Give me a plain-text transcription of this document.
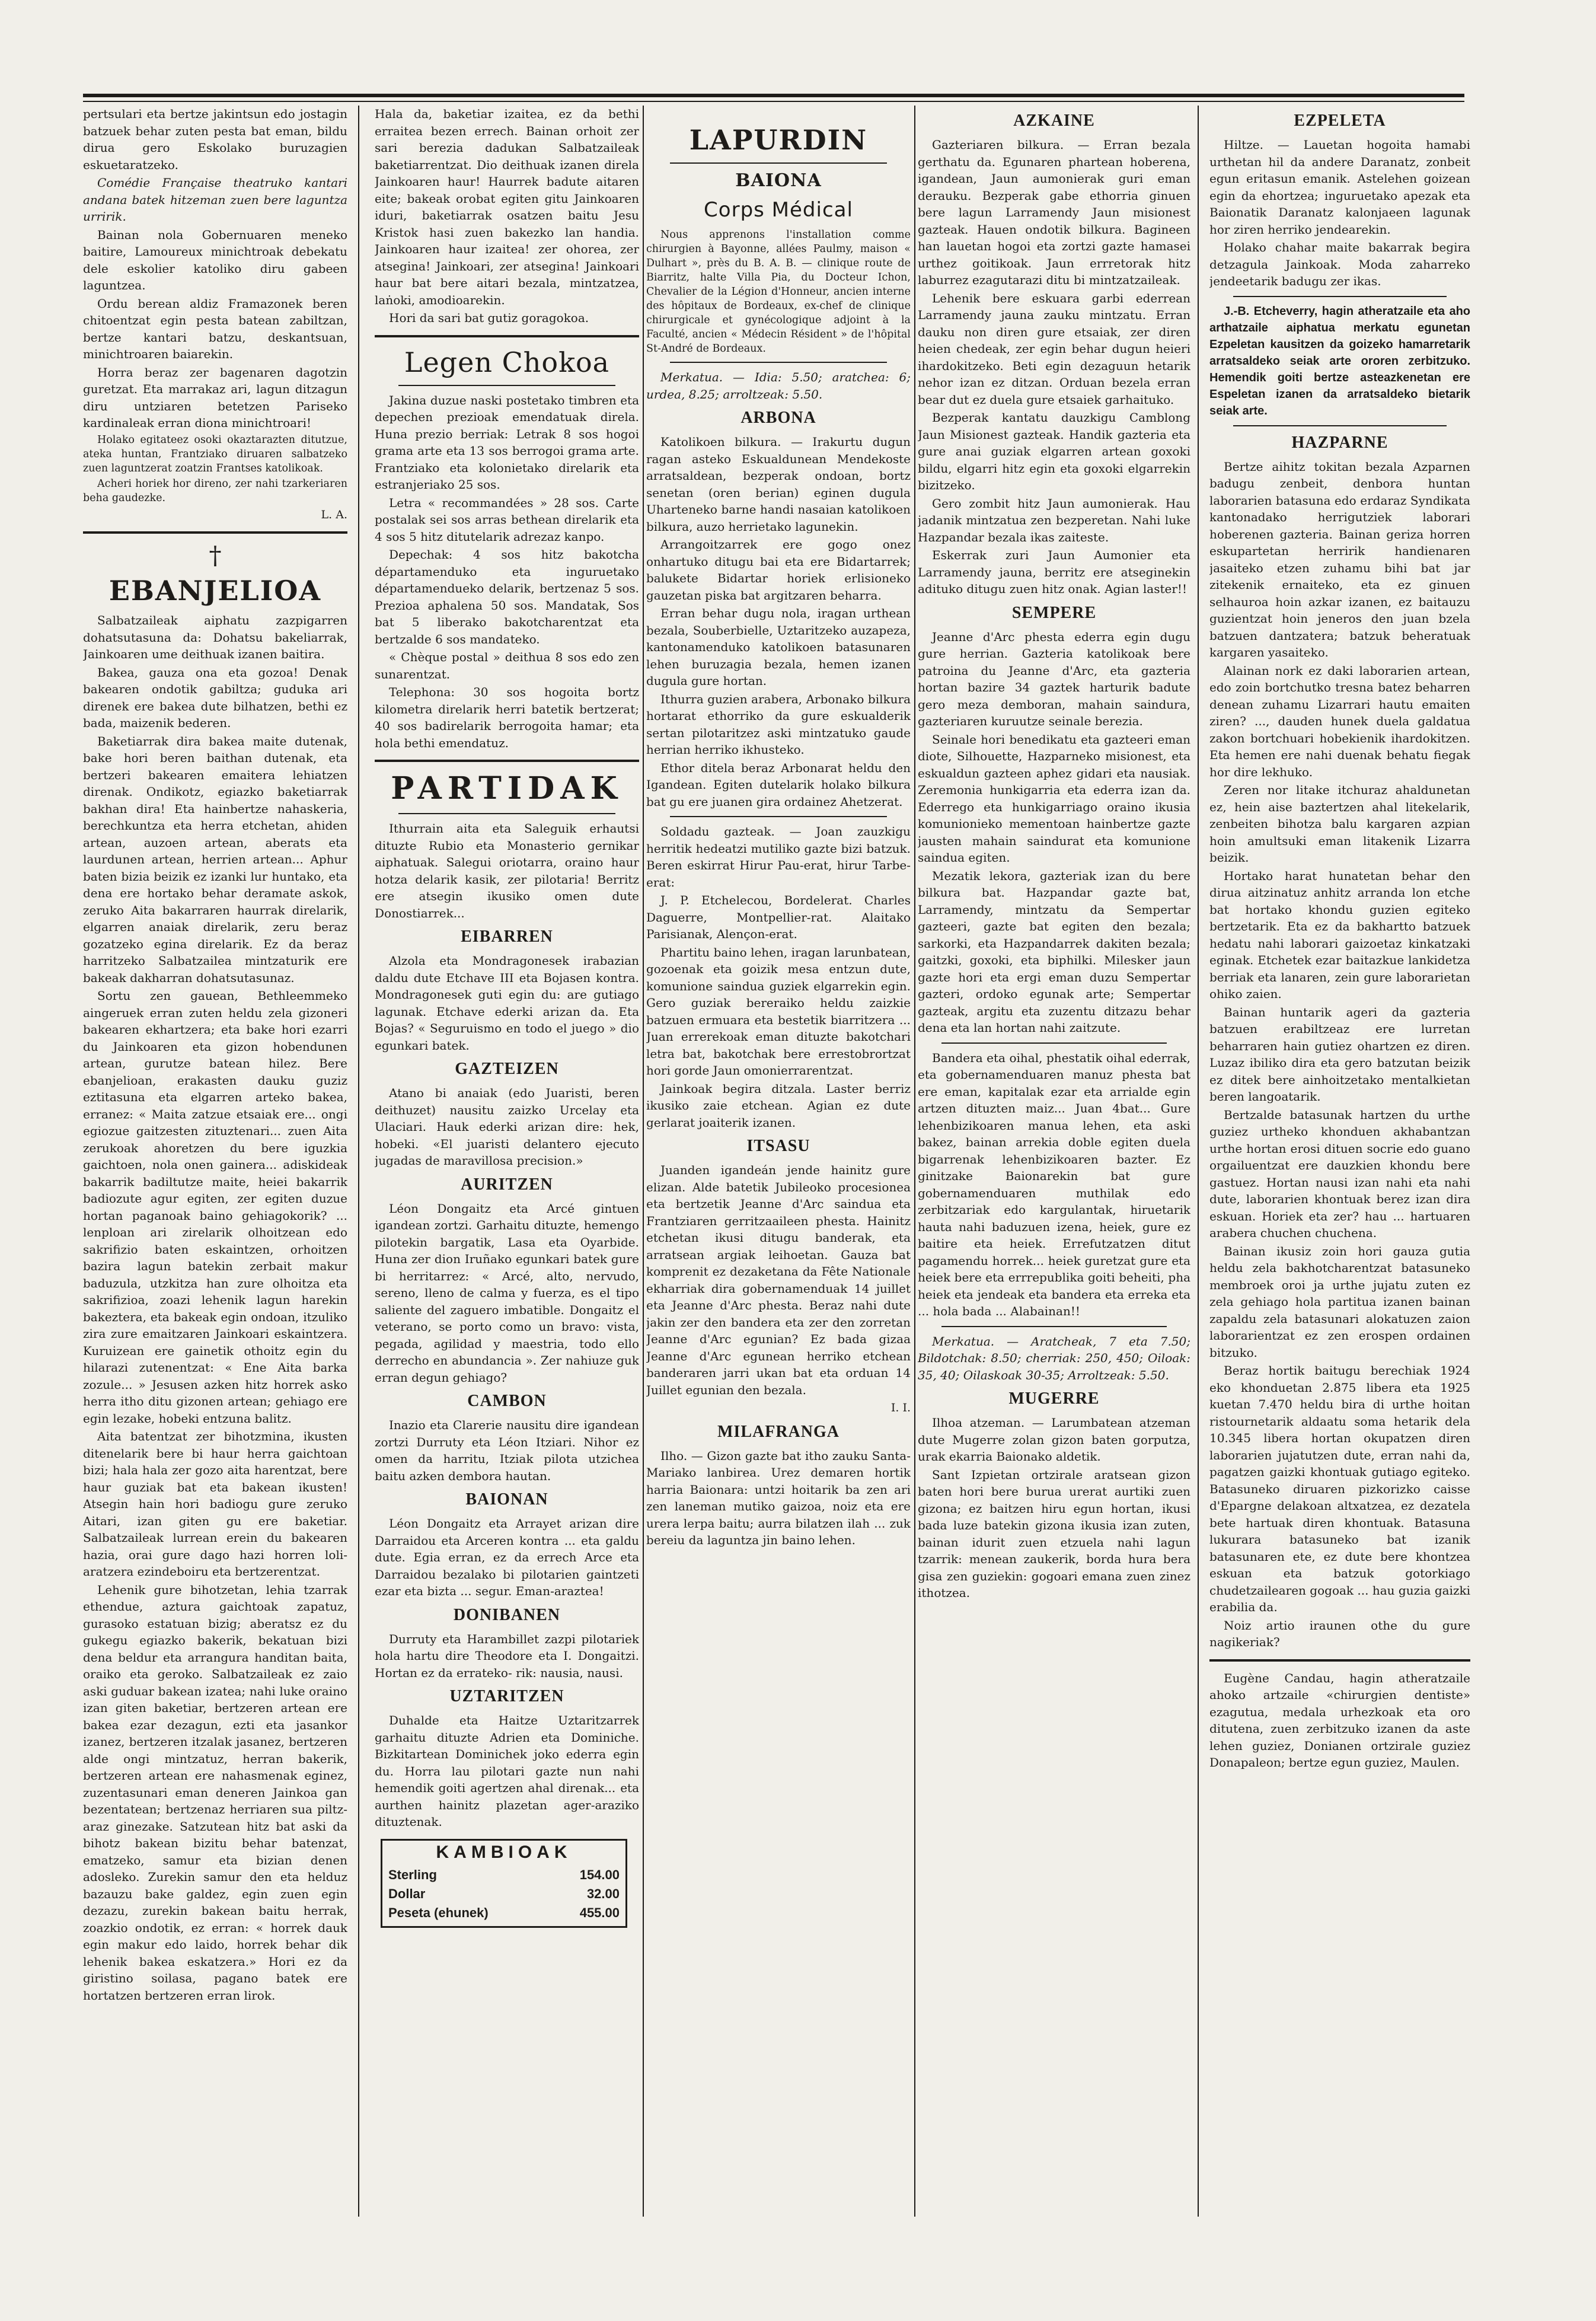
pertsulari eta bertze jakintsun edo jostagin batzuek behar zuten pesta bat eman, bildu dirua gero Eskolako buruzagien eskuetaratzeko.

Comédie Française theatruko kantari andana batek hitzeman zuen bere laguntza urririk.

Bainan nola Gobernuaren meneko baitire, Lamoureux minichtroak debekatu dele eskolier katoliko diru gabeen laguntzea.

Ordu berean aldiz Framazonek beren chitoentzat egin pesta batean zabiltzan, bertze kantari batzu, deskantsuan, minichtroaren baiarekin.

Horra beraz zer bagenaren dagotzin guretzat. Eta marrakaz ari, lagun ditzagun diru untziaren betetzen Pariseko kardinaleak erran diona minichtroari!

Holako egitateez osoki okaztarazten ditutzue, ateka huntan, Frantziako diruaren salbatzeko zuen laguntzerat zoatzin Frantses katolikoak.

Acheri horiek hor direno, zer nahi tzarkeriaren beha gaudezke.

L. A.
†
EBANJELIOA

Salbatzaileak aiphatu zazpigarren dohatsutasuna da: Dohatsu bakeliarrak, Jainkoaren ume deithuak izanen baitira.

Bakea, gauza ona eta gozoa! Denak bakearen ondotik gabiltza; guduka ari direnek ere bakea dute bilhatzen, bethi ez bada, maizenik bederen.

Baketiarrak dira bakea maite dutenak, bake hori beren baithan dutenak, eta bertzeri bakearen emaitera lehiatzen direnak. Ondikotz, egiazko baketiarrak bakhan dira! Eta hainbertze nahaskeria, berechkuntza eta herra etchetan, ahiden artean, auzoen artean, aberats eta laurdunen artean, herrien artean... Aphur baten bizia beizik ez izanki lur huntako, eta dena ere hortako behar deramate askok, zeruko Aita bakarraren haurrak direlarik, elgarren anaiak direlarik, zeru beraz gozatzeko egina direlarik. Ez da beraz harritzeko Salbatzailea mintzaturik ere bakeak dakharran dohatsutasunaz.

Sortu zen gauean, Bethleemmeko aingeruek erran zuten heldu zela gizoneri bakearen ekhartzera; eta bake hori ezarri du Jainkoaren eta gizon hobendunen artean, gurutze batean hilez. Bere ebanjelioan, erakasten dauku guziz eztitasuna eta elgarren arteko bakea, erranez: « Maita zatzue etsaiak ere... ongi egiozue gaitzesten zituztenari... zuen Aita zerukoak ahoretzen du bere iguzkia gaichtoen, nola onen gainera... adiskideak bakarrik badiltutze maite, heiei bakarrik badiozute agur egiten, zer egiten duzue hortan paganoak baino gehiagokorik? ... lenploan ari zirelarik olhoitzean edo sakrifizio baten eskaintzen, orhoitzen bazira lagun batekin zerbait makur baduzula, utzkitza han zure olhoitza eta sakrifizioa, zoazi lehenik lagun harekin bakeztera, eta bakeak egin ondoan, itzuliko zira zure emaitzaren Jainkoari eskaintzera. Kuruizean ere gainetik othoitz egin du hilarazi zutenentzat: « Ene Aita barka zozule... » Jesusen azken hitz horrek asko herra itho ditu gizonen artean; gehiago ere egin lezake, hobeki entzuna balitz.

Aita batentzat zer bihotzmina, ikusten ditenelarik bere bi haur herra gaichtoan bizi; hala hala zer gozo aita harentzat, bere haur guziak bat eta bakean ikusten! Atsegin hain hori badiogu gure zeruko Aitari, izan giten gu ere baketiar. Salbatzaileak lurrean erein du bakearen hazia, orai gure dago hazi horren loli-aratzera ezindeboiru eta bertzerentzat.

Lehenik gure bihotzetan, lehia tzarrak ethendue, aztura gaichtoak zapatuz, gurasoko estatuan bizig; aberatsz ez du gukegu egiazko bakerik, bekatuan bizi dena beldur eta arrangura handitan baita, oraiko eta geroko. Salbatzaileak ez zaio aski guduar bakean izatea; nahi luke oraino izan giten baketiar, bertzeren artean ere bakea ezar dezagun, ezti eta jasankor izanez, bertzeren itzalak jasanez, bertzeren alde ongi mintzatuz, herran bakerik, bertzeren artean ere nahasmenak eginez, zuzentasunari eman deneren Jainkoa gan bezentatean; bertzenaz herriaren sua piltz-araz ginezake. Satzutean hitz bat aski da bihotz bakean bizitu behar batenzat, ematzeko, samur eta bizian denen adosleko. Zurekin samur den eta helduz bazauzu bake galdez, egin zuen egin dezazu, zurekin bakean baitu herrak, zoazkio ondotik, ez erran: « horrek dauk egin makur edo laido, horrek behar dik lehenik bakea eskatzera.» Hori ez da giristino soilasa, pagano batek ere hortatzen bertzeren erran lirok.

Hala da, baketiar izaitea, ez da bethi erraitea bezen errech. Bainan orhoit zer sari berezia dadukan Salbatzaileak baketiarrentzat. Dio deithuak izanen direla Jainkoaren haur! Haurrek badute aitaren eite; bakeak orobat egiten gitu Jainkoaren iduri, baketiarrak osatzen baitu Jesu Kristok hasi zuen bakezko lan handia. Jainkoaren haur izaitea! zer ohorea, zer atsegina! Jainkoari, zer atsegina! Jainkoari haur bat bere aitari bezala, mintzatzea, laṅoki, amodioarekin.

Hori da sari bat gutiz goragokoa.

Legen Chokoa

Jakina duzue naski postetako timbren eta depechen prezioak emendatuak direla. Huna prezio berriak: Letrak 8 sos hogoi grama arte eta 13 sos berrogoi grama arte. Frantziako eta kolonietako direlarik eta estranjeriako 25 sos.

Letra « recommandées » 28 sos. Carte postalak sei sos arras bethean direlarik eta 4 sos 5 hitz ditutelarik adrezaz kanpo.

Depechak: 4 sos hitz bakotcha départamenduko eta inguruetako départamendueko delarik, bertzenaz 5 sos. Prezioa aphalena 50 sos. Mandatak, Sos bat 5 liberako bakotcharentzat eta bertzalde 6 sos mandateko.

« Chèque postal » deithua 8 sos edo zen sunarentzat.

Telephona: 30 sos hogoita bortz kilometra direlarik herri batetik bertzerat; 40 sos badirelarik berrogoita hamar; eta hola bethi emendatuz.

PARTIDAK

Ithurrain aita eta Saleguik erhautsi dituzte Rubio eta Monasterio gernikar aiphatuak. Salegui oriotarra, oraino haur hotza delarik kasik, zer pilotaria! Berritz ere atsegin ikusiko omen dute Donostiarrek...

EIBARREN

Alzola eta Mondragonesek irabazian daldu dute Etchave III eta Bojasen kontra. Mondragonesek guti egin du: are gutiago lagunak. Etchave ederki arizan da. Eta Bojas? « Seguruismo en todo el juego » dio egunkari batek.

GAZTEIZEN

Atano bi anaiak (edo Juaristi, beren deithuzet) nausitu zaizko Urcelay eta Ulaciari. Hauk ederki arizan dire: hek, hobeki. «El juaristi delantero ejecuto jugadas de maravillosa precision.»

AURITZEN

Léon Dongaitz eta Arcé gintuen igandean zortzi. Garhaitu dituzte, hemengo pilotekin bargatik, Lasa eta Oyarbide. Huna zer dion Iruñako egunkari batek gure bi herritarrez: « Arcé, alto, nervudo, sereno, lleno de calma y fuerza, es el tipo saliente del zaguero imbatible. Dongaitz el veterano, se porto como un bravo: vista, pegada, agilidad y maestria, todo ello derrecho en abundancia ». Zer nahiuze guk erran degun gehiago?

CAMBON

Inazio eta Clarerie nausitu dire igandean zortzi Durruty eta Léon Itziari. Nihor ez omen da harritu, Itziak pilota utzichea baitu azken dembora hautan.

BAIONAN

Léon Dongaitz eta Arrayet arizan dire Darraidou eta Arceren kontra ... eta galdu dute. Egia erran, ez da errech Arce eta Darraidou bezalako bi pilotarien gaintzeti ezar eta bizta ... segur. Eman-araztea!

DONIBANEN

Durruty eta Harambillet zazpi pilotariek hola hartu dire Theodore eta I. Dongaitzi. Hortan ez da errateko- rik: nausia, nausi.

UZTARITZEN

Duhalde eta Haitze Uztaritzarrek garhaitu dituzte Adrien eta Dominiche. Bizkitartean Dominichek joko ederra egin du. Horra lau pilotari gazte nun nahi hemendik goiti agertzen ahal direnak... eta aurthen hainitz plazetan ager-araziko dituztenak.

KAMBIOAK
Sterling	154.00
Dollar	32.00
Peseta (ehunek)	455.00
LAPURDIN
BAIONA
Corps Médical

Nous apprenons l'installation comme chirurgien à Bayonne, allées Paulmy, maison « Dulhart », près du B. A. B. — clinique route de Biarritz, halte Villa Pia, du Docteur Ichon, Chevalier de la Légion d'Honneur, ancien interne des hôpitaux de Bordeaux, ex-chef de clinique chirurgicale et gynécologique adjoint à la Faculté, ancien « Médecin Résident » de l'hôpital St-André de Bordeaux.

Merkatua. — Idia: 5.50; aratchea: 6; urdea, 8.25; arroltzeak: 5.50.

ARBONA

Katolikoen bilkura. — Irakurtu dugun ragan asteko Eskualdunean Mendekoste arratsaldean, bezperak ondoan, bortz senetan (oren berian) eginen dugula Uharteneko barne handi nasaian katolikoen bilkura, auzo herrietako lagunekin.

Arrangoitzarrek ere gogo onez onhartuko ditugu bai eta ere Bidartarrek; balukete Bidartar horiek erlisioneko gauzetan piska bat argitzaren beharra.

Erran behar dugu nola, iragan urthean bezala, Souberbielle, Uztaritzeko auzapeza, kantonamenduko katolikoen batasunaren lehen buruzagia bezala, hemen izanen dugula gure hortan.

Ithurra guzien arabera, Arbonako bilkura hortarat ethorriko da gure eskualderik sertan pilotaritzez aski mintzatuko gaude herrian herriko ikhusteko.

Ethor ditela beraz Arbonarat heldu den Igandean. Egiten dutelarik holako bilkura bat gu ere juanen gira ordainez Ahetzerat.

Soldadu gazteak. — Joan zauzkigu herritik hedeatzi mutiliko gazte bizi batzuk. Beren eskirrat Hirur Pau-erat, hirur Tarbe-erat:

J. P. Etchelecou, Bordelerat. Charles Daguerre, Montpellier-rat. Alaitako Parisianak, Alençon-erat.

Phartitu baino lehen, iragan larunbatean, gozoenak eta goizik mesa entzun dute, komunione saindua guziek elgarrekin egin. Gero guziak bereraiko heldu zaizkie batzuen ermuara eta bestetik biarritzera ... Juan errerekoak eman dituzte bakotchari letra bat, bakotchak bere errestobrortzat hori gorde Jaun omonierrarentzat.

Jainkoak begira ditzala. Laster berriz ikusiko zaie etchean. Agian ez dute gerlarat joaiterik izanen.

ITSASU

Juanden igandeán jende hainitz gure elizan. Alde batetik Jubileoko procesionea eta bertzetik Jeanne d'Arc saindua eta Frantziaren gerritzaaileen phesta. Hainitz etchetan ikusi ditugu banderak, eta arratsean argiak leihoetan. Gauza bat komprenit ez dezaketana da Fête Nationale ekharriak dira gobernamenduak 14 juillet eta Jeanne d'Arc phesta. Beraz nahi dute jakin zer den bandera eta zer den zorretan Jeanne d'Arc egunian? Ez bada gizaa Jeanne d'Arc egunean herriko etchean banderaren jarri ukan bat eta orduan 14 Juillet egunian den bezala.

I. I.
MILAFRANGA

Ilho. — Gizon gazte bat itho zauku Santa-Mariako lanbirea. Urez demaren hortik harria Baionara: untzi hoitarik ba zen ari zen laneman mutiko gaizoa, noiz eta ere urera lerpa baitu; aurra bilatzen ilah ... zuk bereiu da laguntza jin baino lehen.

AZKAINE

Gazteriaren bilkura. — Erran bezala gerthatu da. Egunaren phartean hoberena, igandean, Jaun aumonierak guri eman derauku. Bezperak gabe ethorria ginuen bere lagun Larramendy Jaun misionest gazteak. Hauen ondotik bilkura. Bagineen han lauetan hogoi eta zortzi gazte hamasei urthez goitikoak. Jaun errretorak hitz laburrez ezagutarazi ditu bi mintzatzaileak.

Lehenik bere eskuara garbi ederrean Larramendy jauna zauku mintzatu. Erran dauku non diren gure etsaiak, zer diren heien chedeak, zer egin behar dugun heieri ihardokitzeko. Beti egin dezaguun hetarik nehor izan ez ditzan. Orduan bezela erran bear dut ez duela gure etsaiek garhaituko.

Bezperak kantatu dauzkigu Camblong Jaun Misionest gazteak. Handik gazteria eta gure anai guziak elgarren artean goxoki bildu, elgarri hitz egin eta goxoki elgarrekin bizitzeko.

Gero zombit hitz Jaun aumonierak. Hau jadanik mintzatua zen bezperetan. Nahi luke Hazpandar bezala ikas zaiteste.

Eskerrak zuri Jaun Aumonier eta Larramendy jauna, berritz ere atseginekin adituko ditugu zuen hitz onak. Agian laster!!

SEMPERE

Jeanne d'Arc phesta ederra egin dugu gure herrian. Gazteria katolikoak bere patroina du Jeanne d'Arc, eta gazteria hortan bazire 34 gaztek harturik badute gero meza demboran, mahain saindura, gazteriaren kuruutze seinale berezia.

Seinale hori benedikatu eta gazteeri eman diote, Silhouette, Hazparneko misionest, eta eskualdun gazteen aphez gidari eta nausiak. Zeremonia hunkigarria eta ederra izan da. Ederrego eta hunkigarriago oraino ikusia komunionieko mementoan hainbertze gazte jausten mahain saindurat eta komunione saindua egiten.

Mezatik lekora, gazteriak izan du bere bilkura bat. Hazpandar gazte bat, Larramendy, mintzatu da Sempertar gazteeri, gazte bat egiten den bezala; sarkorki, eta Hazpandarrek dakiten bezala; gaitzki, goxoki, eta biphilki. Milesker jaun gazte hori eta ergi eman duzu Sempertar gazteri, ordoko egunak arte; Sempertar gazteak, argitu eta zuzentu ditzazu behar dena eta lan hortan nahi zaitzute.

Bandera eta oihal, phestatik oihal ederrak, eta gobernamenduaren manuz phesta bat ere eman, kapitalak ezar eta arrialde egin artzen dituzten maiz... Juan 4bat... Gure lehenbizikoaren manua lehen, eta aski bakez, bainan arrekia doble egiten duela bigarrenak lehenbizikoaren bazter. Ez ginitzake Baionarekin bat gure gobernamenduaren muthilak edo zerbitzariak edo kargulantak, hiruetarik hauta nahi baduzuen izena, heiek, gure ez baitire eta heiek. Errefutzatzen ditut pagamendu horrek... heiek guretzat gure eta heiek bere eta errrepublika goiti beheiti, pha heiek eta jendeak eta bandera eta erreka eta ... hola bada ... Alabainan!!

Merkatua. — Aratcheak, 7 eta 7.50; Bildotchak: 8.50; cherriak: 250, 450; Oiloak: 35, 40; Oilaskoak 30-35; Arroltzeak: 5.50.

MUGERRE

Ilhoa atzeman. — Larumbatean atzeman dute Mugerre zolan gizon baten gorputza, urak ekarria Baionako aldetik.

Sant Izpietan ortzirale aratsean gizon baten hori bere burua urerat aurtiki zuen gizona; ez baitzen hiru egun hortan, ikusi bada luze batekin gizona ikusia izan zuten, bainan idurit zuen etzuela nahi lagun tzarrik: menean zaukerik, borda hura bera gisa zen guziekin: gogoari emana zuen zinez ithotzea.

EZPELETA

Hiltze. — Lauetan hogoita hamabi urthetan hil da andere Daranatz, zonbeit egun eritasun emanik. Astelehen goizean egin da ehortzea; inguruetako apezak eta Baionatik Daranatz kalonjaeen lagunak hor ziren herriko jendearekin.

Holako chahar maite bakarrak begira detzagula Jainkoak. Moda zaharreko jendeetarik badugu zer ikas.

J.-B. Etcheverry, hagin atheratzaile eta aho arthatzaile aiphatua merkatu egunetan Ezpeletan kausitzen da goizeko hamarretarik arratsaldeko seiak arte ororen zerbitzuko. Hemendik goiti bertze asteazkenetan ere Espeletan izanen da arratsaldeko bietarik seiak arte.

HAZPARNE

Bertze aihitz tokitan bezala Azparnen badugu zenbeit, denbora huntan laborarien batasuna edo erdaraz Syndikata kantonadako herrigutziek laborari hoberenen gazteria. Bainan geriza horren eskupartetan herririk handienaren jasaiteko etzen zuhamu bihi bat jar zitekenik ernaiteko, eta ez ginuen selhauroa hoin azkar izanen, ez baitauzu guzientzat hoin jeneros den juan bzela batzuen dantzatera; batzuk beheratuak kargaren yasaiteko.

Alainan nork ez daki laborarien artean, edo zoin bortchutko tresna batez beharren denean zuhamu Lizarrari hautu emaiten ziren? ..., dauden hunek duela galdatua zakon bortchuari hobekienik ihardokitzen. Eta hemen ere nahi duenak behatu fiegak hor dire lekhuko.

Zeren nor litake itchuraz ahaldunetan ez, hein aise baztertzen ahal litekelarik, zenbeiten bihotza balu kargaren azpian hoin amultsuki eman litakenik Lizarra beizik.

Hortako harat hunatetan behar den dirua aitzinatuz anhitz arranda lon etche bat hortako khondu guzien egiteko bertzetarik. Eta ez da bakhartto batzuek hedatu nahi laborari gaizoetaz kinkatzaki eginak. Etchetek ezar baitazkue lankidetza berriak eta lanaren, zein gure laborarietan ohiko zaien.

Bainan huntarik ageri da gazteria batzuen erabiltzeaz ere lurretan beharraren hain gutiez ohartzen ez diren. Luzaz ibiliko dira eta gero batzutan beizik ez ditek bere ainhoitzetako mentalkietan beren langoatarik.

Bertzalde batasunak hartzen du urthe guziez urtheko khonduen akhabantzan urthe hortan erosi dituen socrie edo guano orgailuentzat ere dauzkien khondu bere gastuez. Hortan nausi izan nahi eta nahi dute, laborarien khontuak berez izan dira eskuan. Horiek eta zer? hau ... hartuaren arabera chuchen chuchena.

Bainan ikusiz zoin hori gauza gutia heldu zela bakhotcharentzat batasuneko membroek oroi ja urthe jujatu zuten ez zela gehiago hola partitua izanen bainan zapaldu zela batasunari alokatuzen zaion laborarientzat ez zen erospen ordainen bitzuko.

Beraz hortik baitugu berechiak 1924 eko khonduetan 2.875 libera eta 1925 kuetan 7.470 heldu bira di urthe hoitan ristournetarik aldaatu soma hetarik dela 10.345 libera hortan okupatzen diren laborarien jujatutzen dute, erran nahi da, pagatzen gaizki khontuak gutiago egiteko. Batasuneko diruaren pizkorizko caisse d'Epargne delakoan altxatzea, ez dezatela bete hartuak diren khontuak. Batasuna lukurara batasuneko bat izanik batasunaren ete, ez dute bere khontzea eskuan eta batzuk gotorkiago chudetzailearen gogoak ... hau guzia gaizki erabilia da.

Noiz artio iraunen othe du gure nagikeriak?

Eugène Candau, hagin atheratzaile ahoko artzaile «chirurgien dentiste» ezagutua, medala urhezkoak eta oro ditutena, zuen zerbitzuko izanen da aste lehen guziez, Donianen ortzirale guziez Donapaleon; bertze egun guziez, Maulen.
